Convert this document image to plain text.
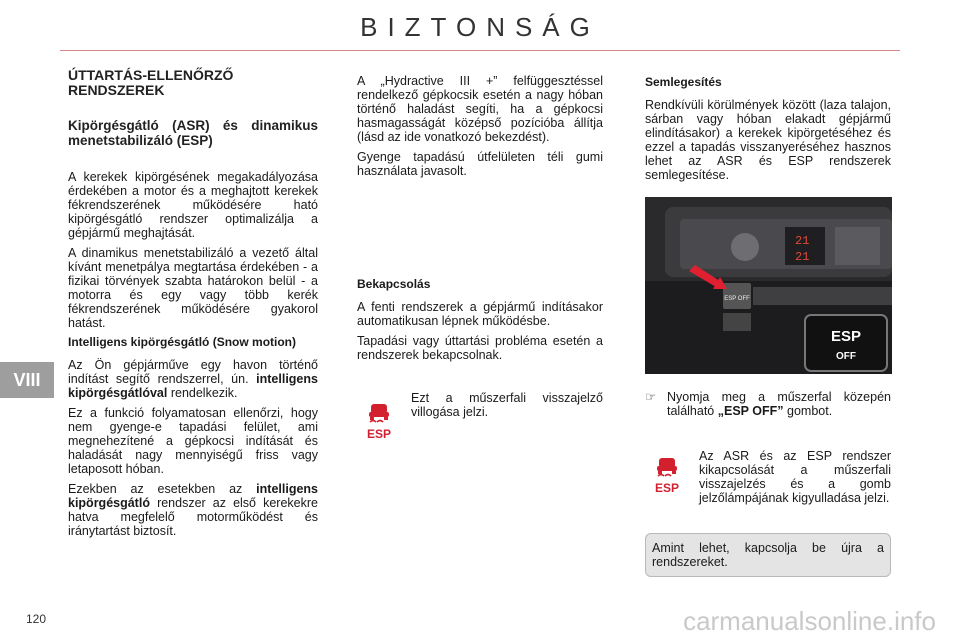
BIZTONSÁG
VIII
120	carmanualsonline.info
ÚTTARTÁS-ELLENŐRZŐ RENDSZEREK
Kipörgésgátló (ASR) és dinamikus menetstabilizáló (ESP)

A kerekek kipörgésének megakadályozása érdekében a motor és a meghajtott kerekek fékrendszerének működésére ható kipörgésgátló rendszer optimalizálja a gépjármű meghajtását.

A dinamikus menetstabilizáló a vezető által kívánt menetpálya megtartása érdekében - a fizikai törvények szabta határokon belül - a motorra és egy vagy több kerék fékrendszerének működésére gyakorol hatást.

Intelligens kipörgésgátló (Snow motion)

Az Ön gépjárműve egy havon történő indítást segítő rendszerrel, ún. intelligens kipörgésgátlóval rendelkezik.

Ez a funkció folyamatosan ellenőrzi, hogy nem gyenge-e tapadási felület, ami megnehezítené a gépkocsi indítását és haladását nagy mennyiségű friss vagy letaposott hóban.

Ezekben az esetekben az intelligens kipörgésgátló rendszer az első kerekekre hatva megfelelő motorműködést és iránytartást biztosít.

A „Hydractive III +” felfüggesztéssel rendelkező gépkocsik esetén a nagy hóban történő haladást segíti, ha a gépkocsi hasmagasságát középső pozícióba állítja (lásd az ide vonatkozó bekezdést).

Gyenge tapadású útfelületen téli gumi használata javasolt.

Bekapcsolás

A fenti rendszerek a gépjármű indításakor automatikusan lépnek működésbe.

Tapadási vagy úttartási probléma esetén a rendszerek bekapcsolnak.

ESP
Ezt a műszerfali visszajelző villogása jelzi.
Semlegesítés

Rendkívüli körülmények között (laza talajon, sárban vagy hóban elakadt gépjármű elindításakor) a kerekek kipörgetéséhez és ezzel a tapadás visszanyeréséhez hasznos lehet az ASR és ESP rendszerek semlegesítése.

21
21
ESP OFF
ESP
OFF
☞ Nyomja meg a műszerfal közepén található „ESP OFF” gombot.
ESP
Az ASR és az ESP rendszer kikapcsolását a műszerfali visszajelzés és a gomb jelzőlámpájának kigyulladása jelzi.
Amint lehet, kapcsolja be újra a rendszereket.
